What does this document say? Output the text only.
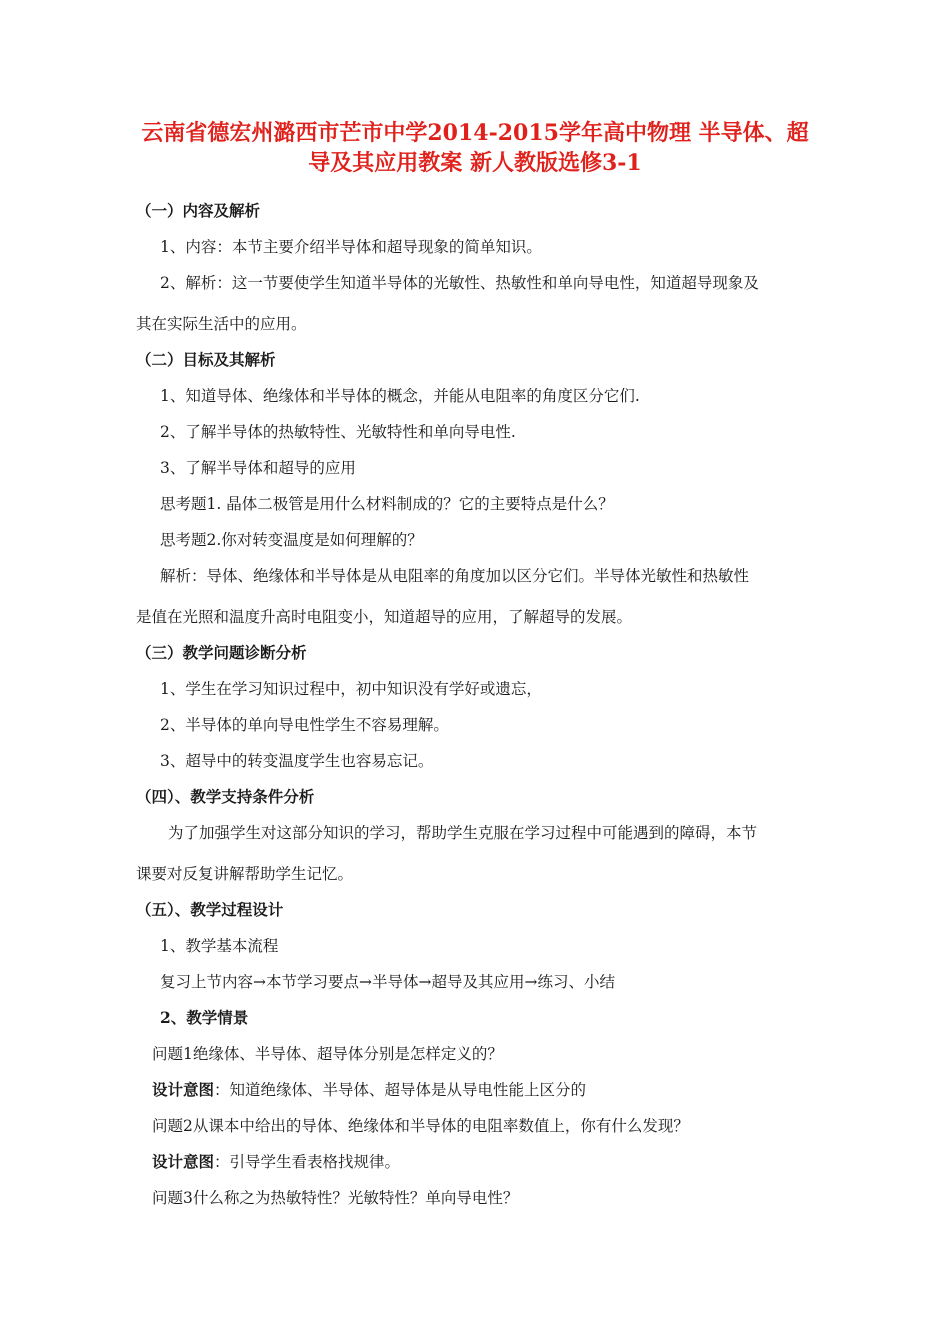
云南省德宏州潞西市芒市中学2014-2015学年高中物理 半导体、超
导及其应用教案 新人教版选修3-1
（一）内容及解析
1、内容：本节主要介绍半导体和超导现象的简单知识。
2、解析：这一节要使学生知道半导体的光敏性、热敏性和单向导电性，知道超导现象及
其在实际生活中的应用。
（二）目标及其解析
1、知道导体、绝缘体和半导体的概念，并能从电阻率的角度区分它们.
2、了解半导体的热敏特性、光敏特性和单向导电性.
3、了解半导体和超导的应用
思考题1. 晶体二极管是用什么材料制成的？它的主要特点是什么？
思考题2.你对转变温度是如何理解的？
解析：导体、绝缘体和半导体是从电阻率的角度加以区分它们。半导体光敏性和热敏性
是值在光照和温度升高时电阻变小，知道超导的应用，了解超导的发展。
（三）教学问题诊断分析
1、学生在学习知识过程中，初中知识没有学好或遗忘，
2、半导体的单向导电性学生不容易理解。
3、超导中的转变温度学生也容易忘记。
（四）、教学支持条件分析
为了加强学生对这部分知识的学习，帮助学生克服在学习过程中可能遇到的障碍，本节
课要对反复讲解帮助学生记忆。
（五）、教学过程设计
1、教学基本流程
复习上节内容→本节学习要点→半导体→超导及其应用→练习、小结
2、教学情景
问题1绝缘体、半导体、超导体分别是怎样定义的？
设计意图：知道绝缘体、半导体、超导体是从导电性能上区分的
问题2从课本中给出的导体、绝缘体和半导体的电阻率数值上，你有什么发现？
设计意图：引导学生看表格找规律。
问题3什么称之为热敏特性？光敏特性？单向导电性？
